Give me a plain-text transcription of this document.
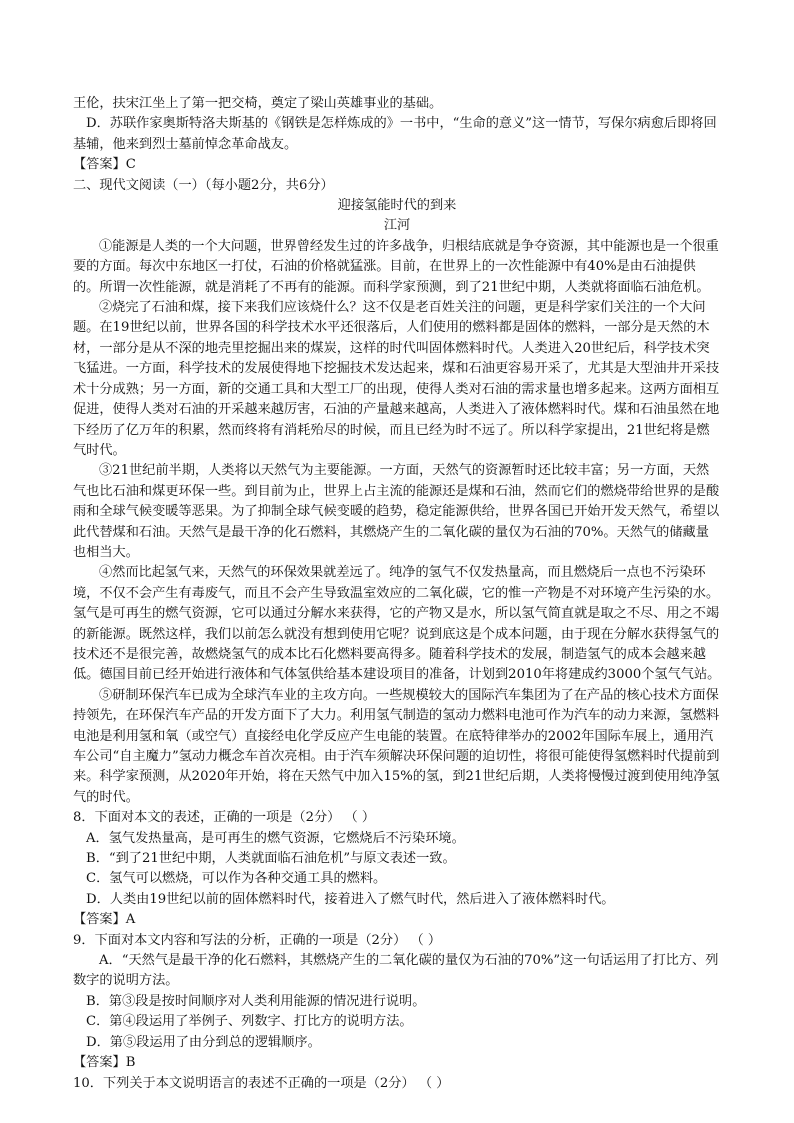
王伦，扶宋江坐上了第一把交椅，奠定了梁山英雄事业的基础。

D．苏联作家奥斯特洛夫斯基的《钢铁是怎样炼成的》一书中，“生命的意义”这一情节，写保尔病愈后即将回基辅，他来到烈士墓前悼念革命战友。

【答案】C

二、现代文阅读（一）（每小题2分，共6分）

迎接氢能时代的到来

江河

①能源是人类的一个大问题，世界曾经发生过的许多战争，归根结底就是争夺资源，其中能源也是一个很重要的方面。每次中东地区一打仗，石油的价格就猛涨。目前，在世界上的一次性能源中有40%是由石油提供的。所谓一次性能源，就是消耗了不再有的能源。而科学家预测，到了21世纪中期，人类就将面临石油危机。

②烧完了石油和煤，接下来我们应该烧什么？这不仅是老百姓关注的问题，更是科学家们关注的一个大问题。在19世纪以前，世界各国的科学技术水平还很落后，人们使用的燃料都是固体的燃料，一部分是天然的木材，一部分是从不深的地壳里挖掘出来的煤炭，这样的时代叫固体燃料时代。人类进入20世纪后，科学技术突飞猛进。一方面，科学技术的发展使得地下挖掘技术发达起来，煤和石油更容易开采了，尤其是大型油井开采技术十分成熟；另一方面，新的交通工具和大型工厂的出现，使得人类对石油的需求量也增多起来。这两方面相互促进，使得人类对石油的开采越来越厉害，石油的产量越来越高，人类进入了液体燃料时代。煤和石油虽然在地下经历了亿万年的积累，然而终将有消耗殆尽的时候，而且已经为时不远了。所以科学家提出，21世纪将是燃气时代。

③21世纪前半期，人类将以天然气为主要能源。一方面，天然气的资源暂时还比较丰富；另一方面，天然气也比石油和煤更环保一些。到目前为止，世界上占主流的能源还是煤和石油，然而它们的燃烧带给世界的是酸雨和全球气候变暖等恶果。为了抑制全球气候变暖的趋势，稳定能源供给，世界各国已开始开发天然气，希望以此代替煤和石油。天然气是最干净的化石燃料，其燃烧产生的二氧化碳的量仅为石油的70%。天然气的储藏量也相当大。

④然而比起氢气来，天然气的环保效果就差远了。纯净的氢气不仅发热量高，而且燃烧后一点也不污染环境，不仅不会产生有毒废气，而且不会产生导致温室效应的二氧化碳，它的惟一产物是不对环境产生污染的水。氢气是可再生的燃气资源，它可以通过分解水来获得，它的产物又是水，所以氢气简直就是取之不尽、用之不竭的新能源。既然这样，我们以前怎么就没有想到使用它呢？说到底这是个成本问题，由于现在分解水获得氢气的技术还不是很完善，故燃烧氢气的成本比石化燃料要高得多。随着科学技术的发展，制造氢气的成本会越来越低。德国目前已经开始进行液体和气体氢供给基本建设项目的准备，计划到2010年将建成约3000个氢气气站。

⑤研制环保汽车已成为全球汽车业的主攻方向。一些规模较大的国际汽车集团为了在产品的核心技术方面保持领先，在环保汽车产品的开发方面下了大力。利用氢气制造的氢动力燃料电池可作为汽车的动力来源，氢燃料电池是利用氢和氧（或空气）直接经电化学反应产生电能的装置。在底特律举办的2002年国际车展上，通用汽车公司“自主魔力”氢动力概念车首次亮相。由于汽车须解决环保问题的迫切性，将很可能使得氢燃料时代提前到来。科学家预测，从2020年开始，将在天然气中加入15%的氢，到21世纪后期，人类将慢慢过渡到使用纯净氢气的时代。

8．下面对本文的表述，正确的一项是（2分） （ ）

A．氢气发热量高，是可再生的燃气资源，它燃烧后不污染环境。

B．“到了21世纪中期，人类就面临石油危机”与原文表述一致。

C．氢气可以燃烧，可以作为各种交通工具的燃料。

D．人类由19世纪以前的固体燃料时代，接着进入了燃气时代，然后进入了液体燃料时代。

【答案】A

9．下面对本文内容和写法的分析，正确的一项是（2分） （ ）

A．“天然气是最干净的化石燃料，其燃烧产生的二氧化碳的量仅为石油的70%”这一句话运用了打比方、列数字的说明方法。

B．第③段是按时间顺序对人类利用能源的情况进行说明。

C．第④段运用了举例子、列数字、打比方的说明方法。

D．第⑤段运用了由分到总的逻辑顺序。

【答案】B

10．下列关于本文说明语言的表述不正确的一项是（2分） （ ）
